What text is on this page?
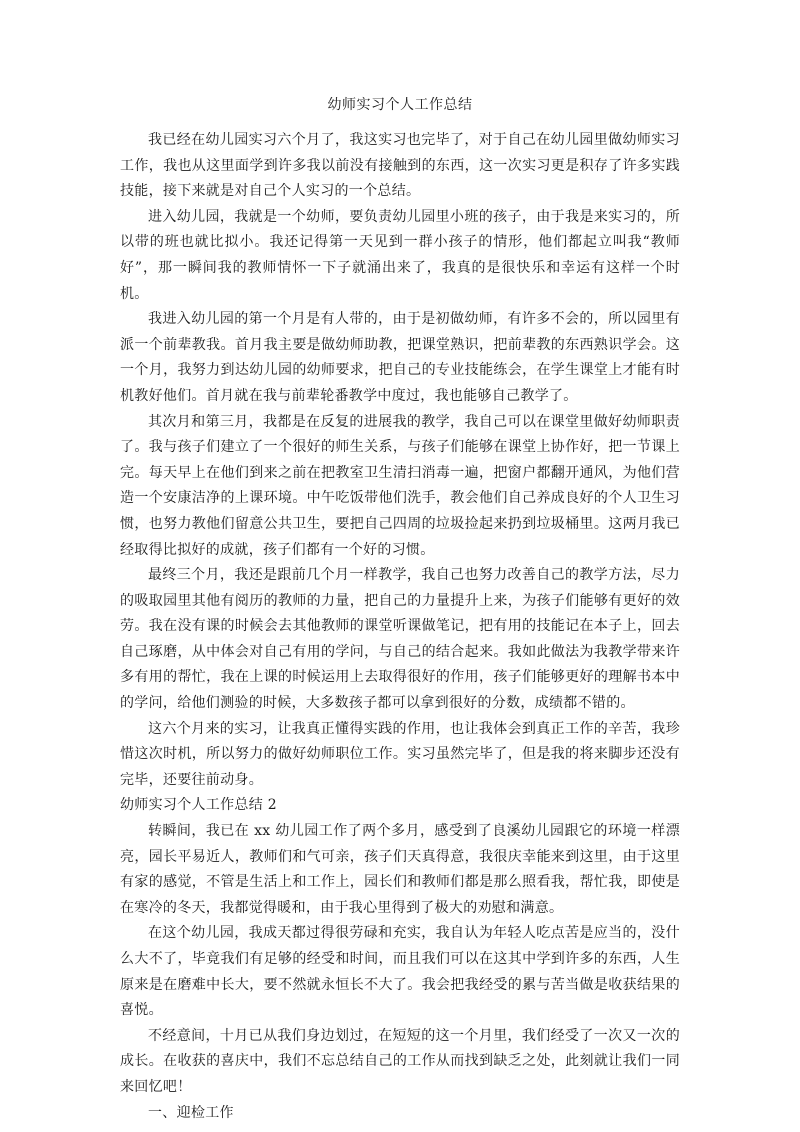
幼师实习个人工作总结

我已经在幼儿园实习六个月了，我这实习也完毕了，对于自己在幼儿园里做幼师实习工作，我也从这里面学到许多我以前没有接触到的东西，这一次实习更是积存了许多实践技能，接下来就是对自己个人实习的一个总结。

进入幼儿园，我就是一个幼师，要负责幼儿园里小班的孩子，由于我是来实习的，所以带的班也就比拟小。我还记得第一天见到一群小孩子的情形，他们都起立叫我“教师好”，那一瞬间我的教师情怀一下子就涌出来了，我真的是很快乐和幸运有这样一个时机。

我进入幼儿园的第一个月是有人带的，由于是初做幼师，有许多不会的，所以园里有派一个前辈教我。首月我主要是做幼师助教，把课堂熟识，把前辈教的东西熟识学会。这一个月，我努力到达幼儿园的幼师要求，把自己的专业技能练会，在学生课堂上才能有时机教好他们。首月就在我与前辈轮番教学中度过，我也能够自己教学了。

其次月和第三月，我都是在反复的进展我的教学，我自己可以在课堂里做好幼师职责了。我与孩子们建立了一个很好的师生关系，与孩子们能够在课堂上协作好，把一节课上完。每天早上在他们到来之前在把教室卫生清扫消毒一遍，把窗户都翻开通风，为他们营造一个安康洁净的上课环境。中午吃饭带他们洗手，教会他们自己养成良好的个人卫生习惯，也努力教他们留意公共卫生，要把自己四周的垃圾捡起来扔到垃圾桶里。这两月我已经取得比拟好的成就，孩子们都有一个好的习惯。

最终三个月，我还是跟前几个月一样教学，我自己也努力改善自己的教学方法，尽力的吸取园里其他有阅历的教师的力量，把自己的力量提升上来，为孩子们能够有更好的效劳。我在没有课的时候会去其他教师的课堂听课做笔记，把有用的技能记在本子上，回去自己琢磨，从中体会对自己有用的学问，与自己的结合起来。我如此做法为我教学带来许多有用的帮忙，我在上课的时候运用上去取得很好的作用，孩子们能够更好的理解书本中的学问，给他们测验的时候，大多数孩子都可以拿到很好的分数，成绩都不错的。

这六个月来的实习，让我真正懂得实践的作用，也让我体会到真正工作的辛苦，我珍惜这次时机，所以努力的做好幼师职位工作。实习虽然完毕了，但是我的将来脚步还没有完毕，还要往前动身。

幼师实习个人工作总结 2

转瞬间，我已在 xx 幼儿园工作了两个多月，感受到了良溪幼儿园跟它的环境一样漂亮，园长平易近人，教师们和气可亲，孩子们天真得意，我很庆幸能来到这里，由于这里有家的感觉，不管是生活上和工作上，园长们和教师们都是那么照看我，帮忙我，即使是在寒冷的冬天，我都觉得暖和，由于我心里得到了极大的劝慰和满意。

在这个幼儿园，我成天都过得很劳碌和充实，我自认为年轻人吃点苦是应当的，没什么大不了，毕竟我们有足够的经受和时间，而且我们可以在这其中学到许多的东西，人生原来是在磨难中长大，要不然就永恒长不大了。我会把我经受的累与苦当做是收获结果的喜悦。

不经意间，十月已从我们身边划过，在短短的这一个月里，我们经受了一次又一次的成长。在收获的喜庆中，我们不忘总结自己的工作从而找到缺乏之处，此刻就让我们一同来回忆吧！

一、迎检工作
